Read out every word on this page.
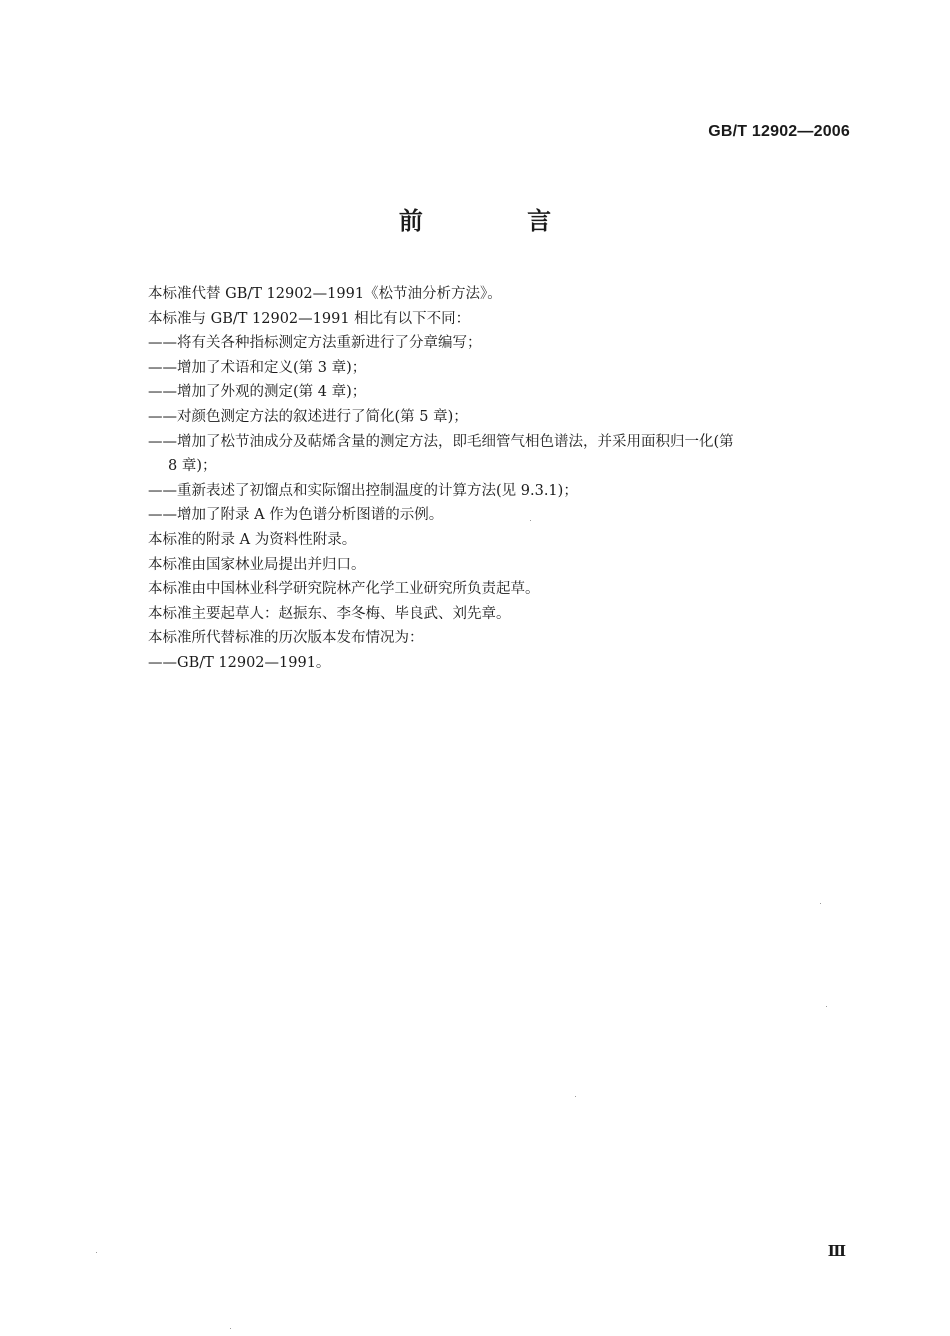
GB/T 12902—2006
前 言
本标准代替 GB/T 12902—1991《松节油分析方法》。
本标准与 GB/T 12902—1991 相比有以下不同：
——将有关各种指标测定方法重新进行了分章编写；
——增加了术语和定义(第 3 章)；
——增加了外观的测定(第 4 章)；
——对颜色测定方法的叙述进行了简化(第 5 章)；
——增加了松节油成分及萜烯含量的测定方法，即毛细管气相色谱法，并采用面积归一化(第
8 章)；
——重新表述了初馏点和实际馏出控制温度的计算方法(见 9.3.1)；
——增加了附录 A 作为色谱分析图谱的示例。
本标准的附录 A 为资料性附录。
本标准由国家林业局提出并归口。
本标准由中国林业科学研究院林产化学工业研究所负责起草。
本标准主要起草人：赵振东、李冬梅、毕良武、刘先章。
本标准所代替标准的历次版本发布情况为：
——GB/T 12902—1991。
Ⅲ
